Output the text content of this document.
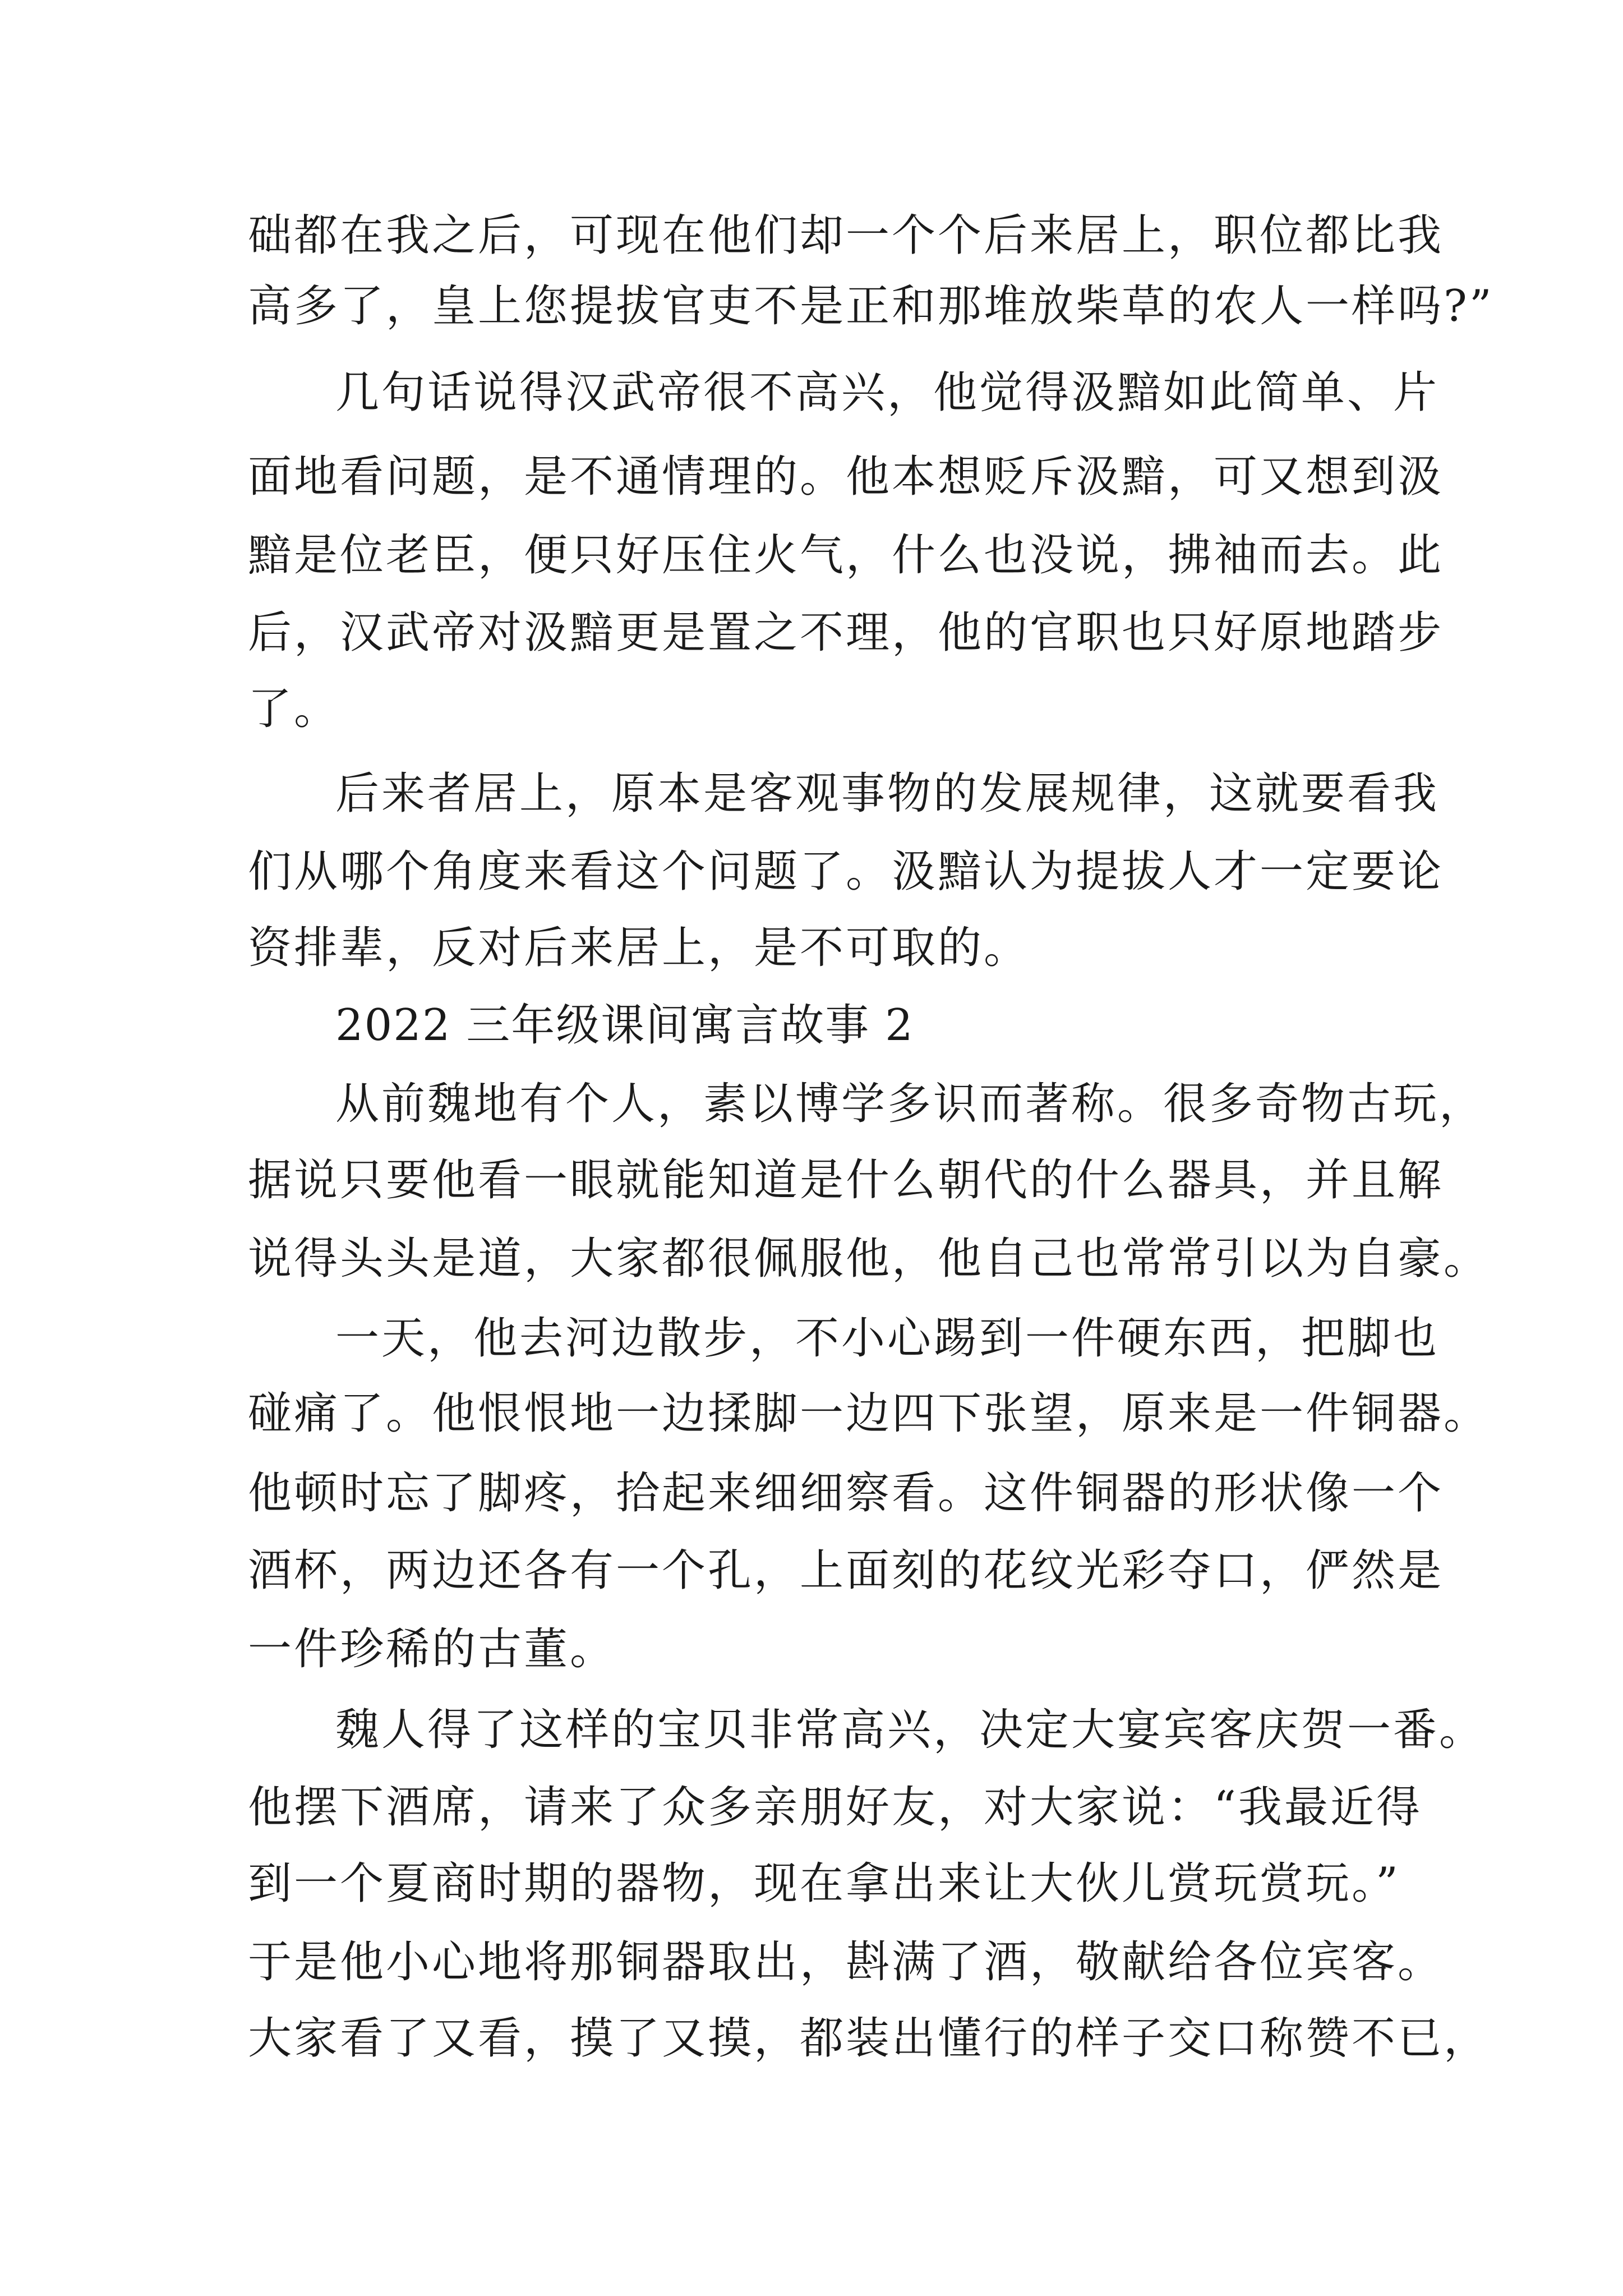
础都在我之后，可现在他们却一个个后来居上，职位都比我
高多了，皇上您提拔官吏不是正和那堆放柴草的农人一样吗?”
几句话说得汉武帝很不高兴，他觉得汲黯如此简单、片
面地看问题，是不通情理的。他本想贬斥汲黯，可又想到汲
黯是位老臣，便只好压住火气，什么也没说，拂袖而去。此
后，汉武帝对汲黯更是置之不理，他的官职也只好原地踏步
了。
后来者居上，原本是客观事物的发展规律，这就要看我
们从哪个角度来看这个问题了。汲黯认为提拔人才一定要论
资排辈，反对后来居上，是不可取的。
2022 三年级课间寓言故事 2
从前魏地有个人，素以博学多识而著称。很多奇物古玩，
据说只要他看一眼就能知道是什么朝代的什么器具，并且解
说得头头是道，大家都很佩服他，他自己也常常引以为自豪。
一天，他去河边散步，不小心踢到一件硬东西，把脚也
碰痛了。他恨恨地一边揉脚一边四下张望，原来是一件铜器。
他顿时忘了脚疼，拾起来细细察看。这件铜器的形状像一个
酒杯，两边还各有一个孔，上面刻的花纹光彩夺口，俨然是
一件珍稀的古董。
魏人得了这样的宝贝非常高兴，决定大宴宾客庆贺一番。
他摆下酒席，请来了众多亲朋好友，对大家说：“我最近得
到一个夏商时期的器物，现在拿出来让大伙儿赏玩赏玩。”
于是他小心地将那铜器取出，斟满了酒，敬献给各位宾客。
大家看了又看，摸了又摸，都装出懂行的样子交口称赞不已，
